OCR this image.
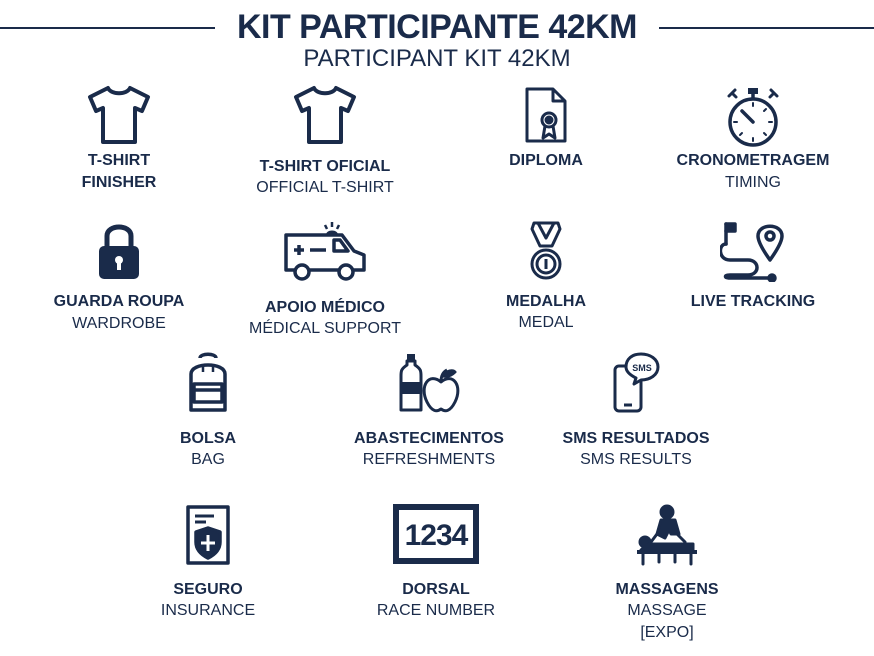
KIT PARTICIPANTE 42KM
PARTICIPANT KIT 42KM
T-SHIRT
FINISHER
T-SHIRT OFICIAL
OFFICIAL T-SHIRT
DIPLOMA	CRONOMETRAGEM
TIMING
GUARDA ROUPA
WARDROBE
APOIO MÉDICO
MÉDICAL SUPPORT
MEDALHA
MEDAL
LIVE TRACKING
BOLSA
BAG
ABASTECIMENTOS
REFRESHMENTS
SMS
SMS RESULTADOS
SMS RESULTS
SEGURO
INSURANCE
1234
DORSAL
RACE NUMBER
MASSAGENS
MASSAGE
[EXPO]
